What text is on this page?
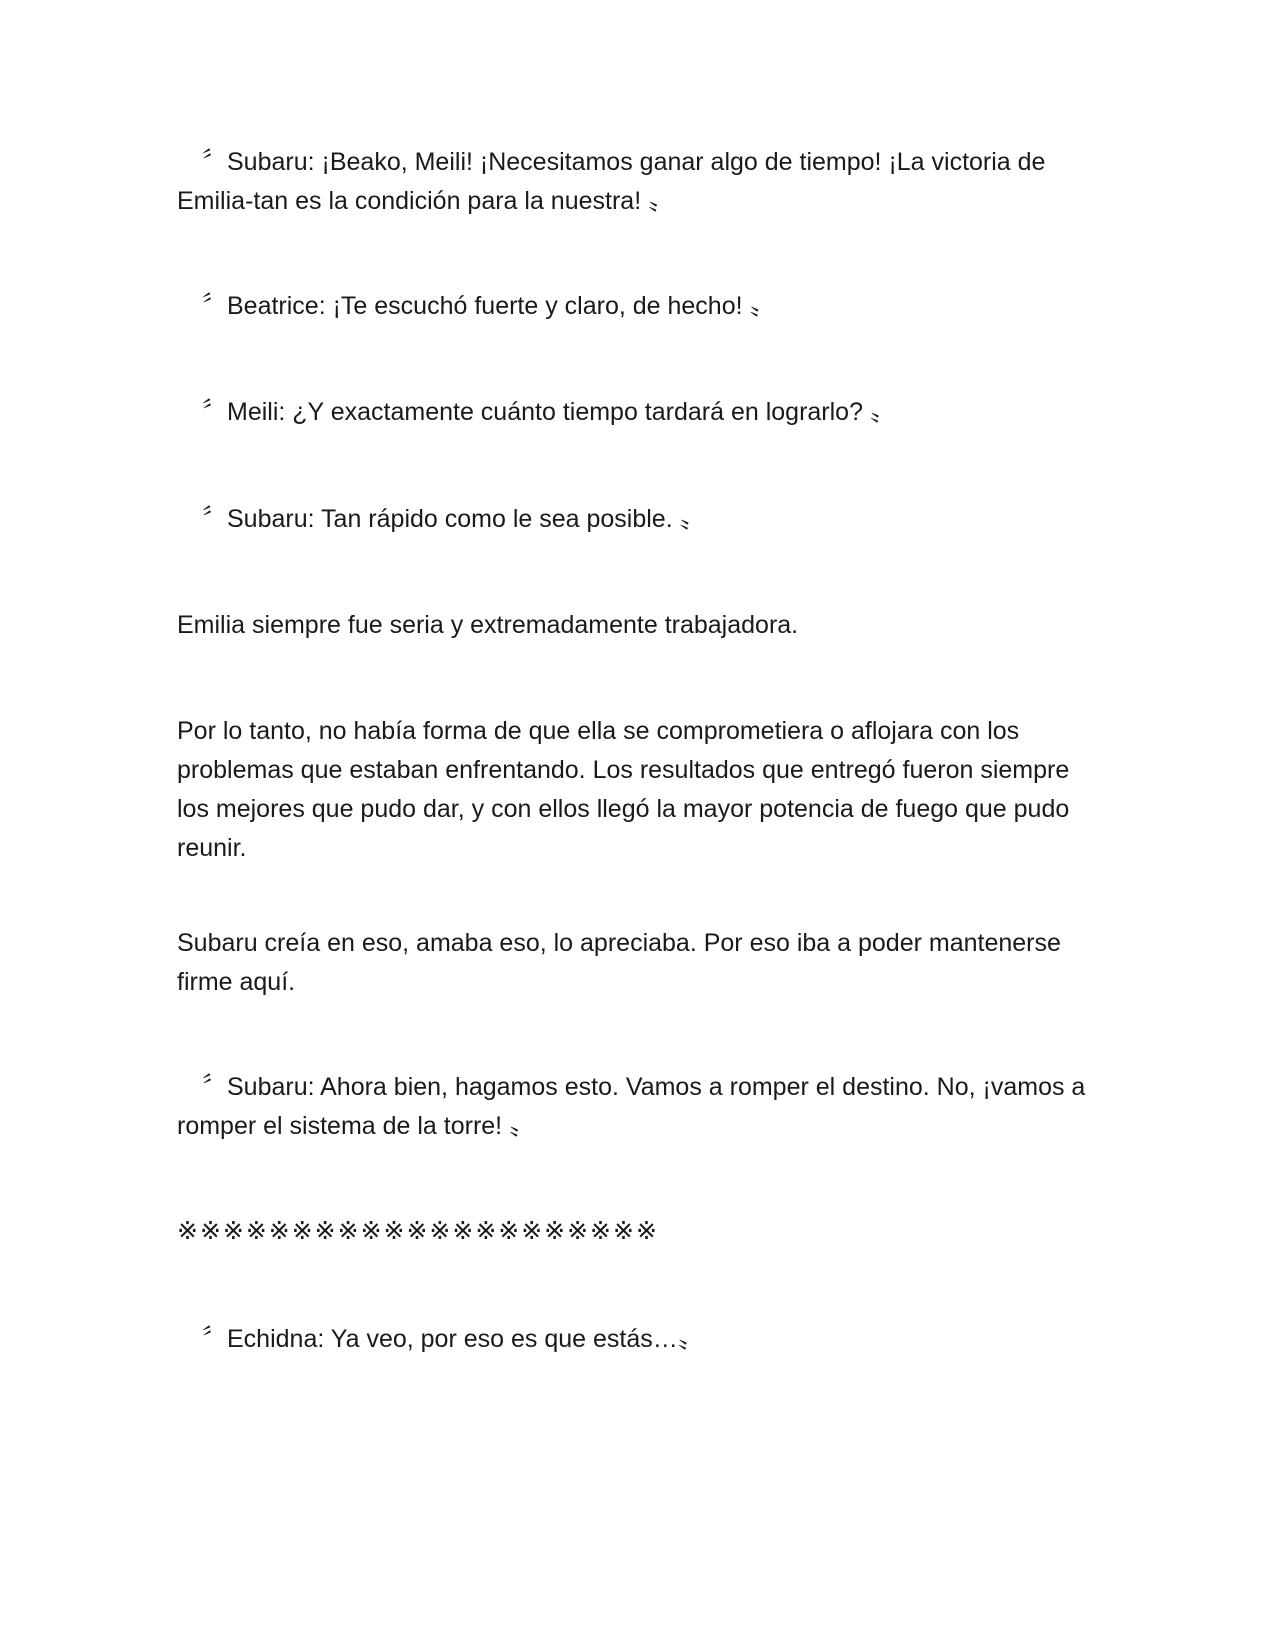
　〞Subaru: ¡Beako, Meili! ¡Necesitamos ganar algo de tiempo! ¡La victoria de Emilia-tan es la condición para la nuestra! 〟

　〞Beatrice: ¡Te escuchó fuerte y claro, de hecho! 〟

　〞Meili: ¿Y exactamente cuánto tiempo tardará en lograrlo? 〟

　〞Subaru: Tan rápido como le sea posible. 〟

Emilia siempre fue seria y extremadamente trabajadora.

Por lo tanto, no había forma de que ella se comprometiera o aflojara con los problemas que estaban enfrentando. Los resultados que entregó fueron siempre los mejores que pudo dar, y con ellos llegó la mayor potencia de fuego que pudo reunir.

Subaru creía en eso, amaba eso, lo apreciaba. Por eso iba a poder mantenerse firme aquí.

　〞Subaru: Ahora bien, hagamos esto. Vamos a romper el destino. No, ¡vamos a romper el sistema de la torre! 〟

※※※※※※※※※※※※※※※※※※※※※

　〞Echidna: Ya veo, por eso es que estás…〟
